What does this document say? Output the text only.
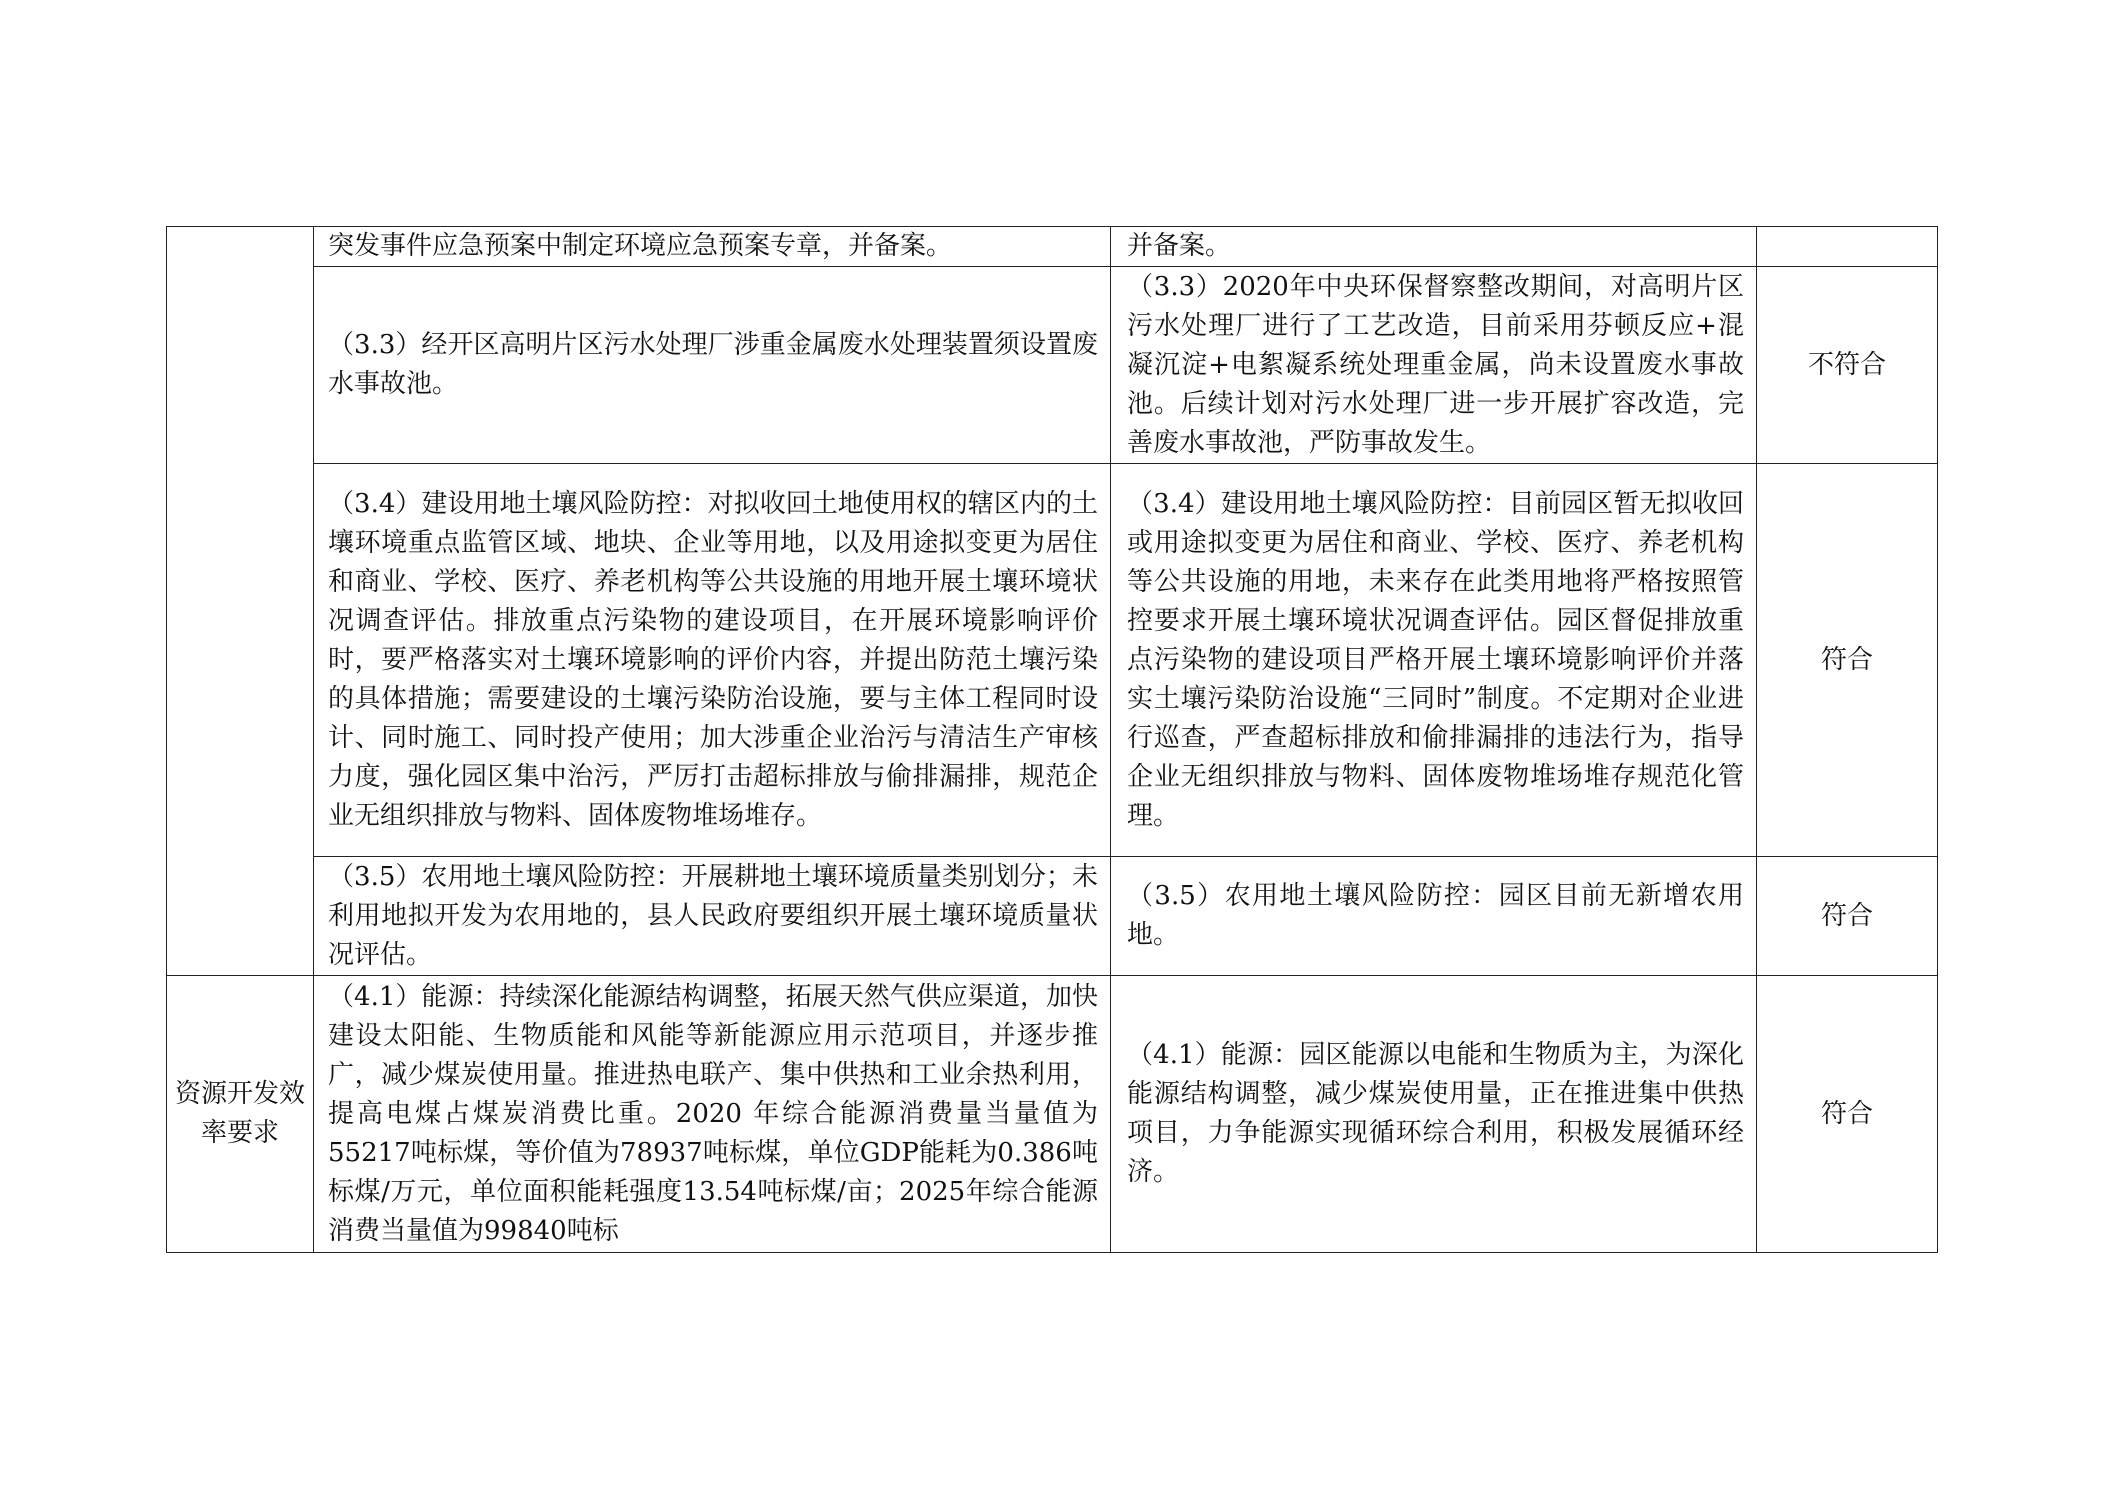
	突发事件应急预案中制定环境应急预案专章，并备案。	并备案。	

	（3.3）经开区高明片区污水处理厂涉重金属废水处理装置须设置废水事故池。	（3.3）2020年中央环保督察整改期间，对高明片区污水处理厂进行了工艺改造，目前采用芬顿反应+混凝沉淀+电絮凝系统处理重金属，尚未设置废水事故池。后续计划对污水处理厂进一步开展扩容改造，完善废水事故池，严防事故发生。	不符合

	（3.4）建设用地土壤风险防控：对拟收回土地使用权的辖区内的土壤环境重点监管区域、地块、企业等用地，以及用途拟变更为居住和商业、学校、医疗、养老机构等公共设施的用地开展土壤环境状况调查评估。排放重点污染物的建设项目，在开展环境影响评价时，要严格落实对土壤环境影响的评价内容，并提出防范土壤污染的具体措施；需要建设的土壤污染防治设施，要与主体工程同时设计、同时施工、同时投产使用；加大涉重企业治污与清洁生产审核力度，强化园区集中治污，严厉打击超标排放与偷排漏排，规范企业无组织排放与物料、固体废物堆场堆存。	（3.4）建设用地土壤风险防控：目前园区暂无拟收回或用途拟变更为居住和商业、学校、医疗、养老机构等公共设施的用地，未来存在此类用地将严格按照管控要求开展土壤环境状况调查评估。园区督促排放重点污染物的建设项目严格开展土壤环境影响评价并落实土壤污染防治设施“三同时”制度。不定期对企业进行巡查，严查超标排放和偷排漏排的违法行为，指导企业无组织排放与物料、固体废物堆场堆存规范化管理。	符合

	（3.5）农用地土壤风险防控：开展耕地土壤环境质量类别划分；未利用地拟开发为农用地的，县人民政府要组织开展土壤环境质量状况评估。	（3.5）农用地土壤风险防控：园区目前无新增农用地。	符合
资源开发效率要求	（4.1）能源：持续深化能源结构调整，拓展天然气供应渠道，加快建设太阳能、生物质能和风能等新能源应用示范项目，并逐步推广，减少煤炭使用量。推进热电联产、集中供热和工业余热利用，提高电煤占煤炭消费比重。2020 年综合能源消费量当量值为55217吨标煤，等价值为78937吨标煤，单位GDP能耗为0.386吨标煤/万元，单位面积能耗强度13.54吨标煤/亩；2025年综合能源消费当量值为99840吨标	（4.1）能源：园区能源以电能和生物质为主，为深化能源结构调整，减少煤炭使用量，正在推进集中供热项目，力争能源实现循环综合利用，积极发展循环经济。	符合
